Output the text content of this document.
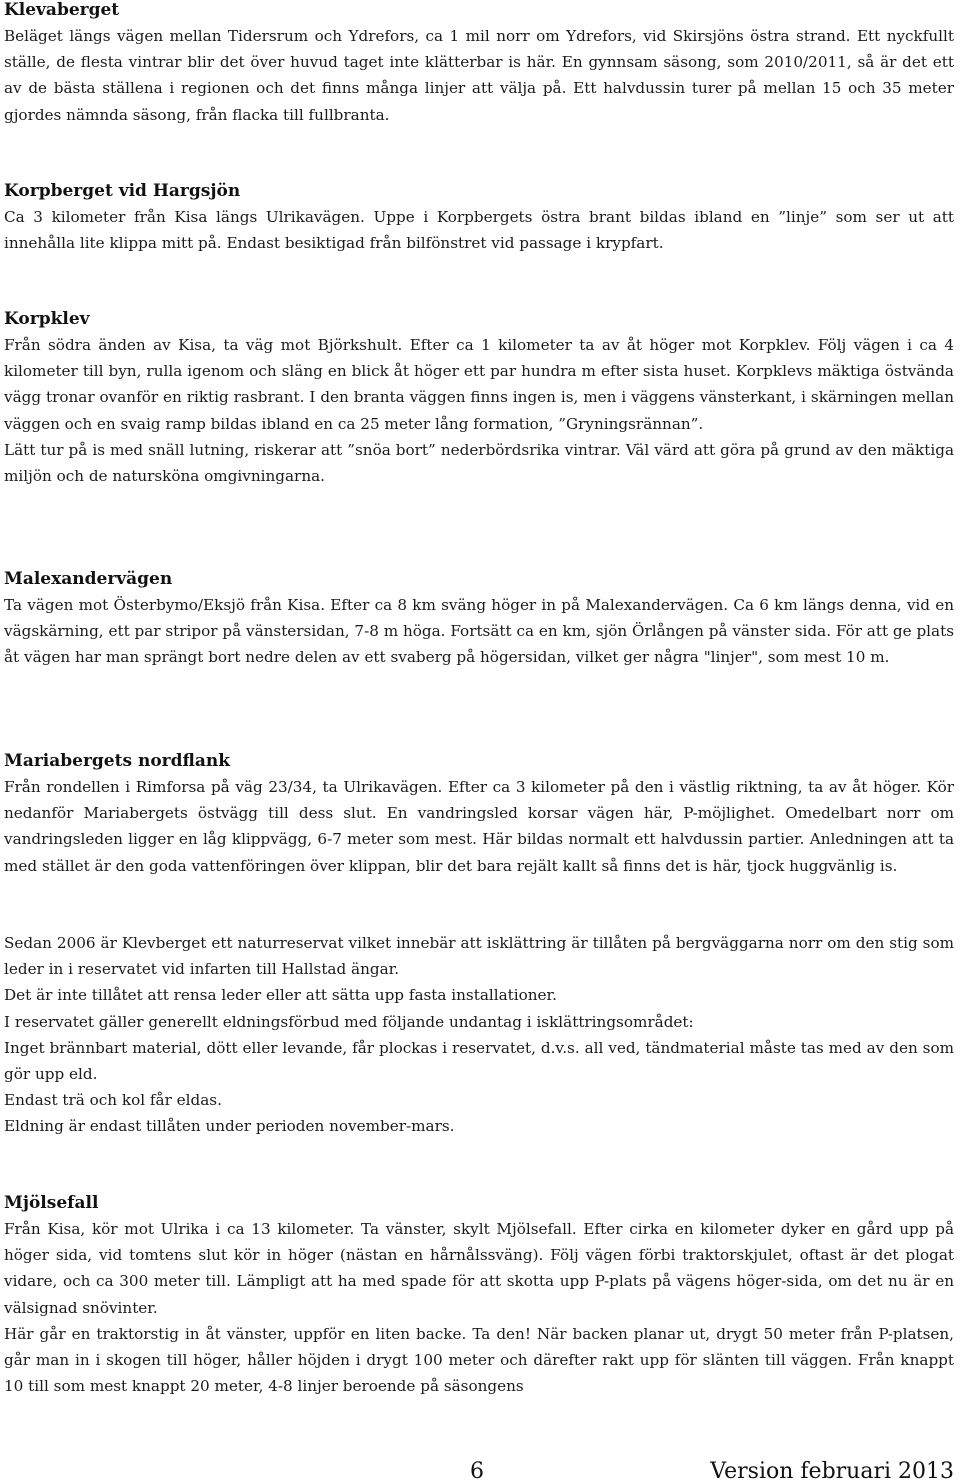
Klevaberget

Beläget längs vägen mellan Tidersrum och Ydrefors, ca 1 mil norr om Ydrefors, vid Skirsjöns östra strand. Ett nyckfullt ställe, de flesta vintrar blir det över huvud taget inte klätterbar is här. En gynnsam säsong, som 2010/2011, så är det ett av de bästa ställena i regionen och det finns många linjer att välja på. Ett halvdussin turer på mellan 15 och 35 meter gjordes nämnda säsong, från flacka till fullbranta.

Korpberget vid Hargsjön

Ca 3 kilometer från Kisa längs Ulrikavägen. Uppe i Korpbergets östra brant bildas ibland en ”linje” som ser ut att innehålla lite klippa mitt på. Endast besiktigad från bilfönstret vid passage i krypfart.

Korpklev

Från södra änden av Kisa, ta väg mot Björkshult. Efter ca 1 kilometer ta av åt höger mot Korpklev. Följ vägen i ca 4 kilometer till byn, rulla igenom och släng en blick åt höger ett par hundra m efter sista huset. Korpklevs mäktiga östvända vägg tronar ovanför en riktig rasbrant. I den branta väggen finns ingen is, men i väggens vänsterkant, i skärningen mellan väggen och en svaig ramp bildas ibland en ca 25 meter lång formation, ”Gryningsrännan”.

Lätt tur på is med snäll lutning, riskerar att ”snöa bort” nederbördsrika vintrar. Väl värd att göra på grund av den mäktiga miljön och de natursköna omgivningarna.

Malexandervägen

Ta vägen mot Österbymo/Eksjö från Kisa. Efter ca 8 km sväng höger in på Malexandervägen. Ca 6 km längs denna, vid en vägskärning, ett par stripor på vänstersidan, 7-8 m höga. Fortsätt ca en km, sjön Örlången på vänster sida. För att ge plats åt vägen har man sprängt bort nedre delen av ett svaberg på högersidan, vilket ger några "linjer", som mest 10 m.

Mariabergets nordflank

Från rondellen i Rimforsa på väg 23/34, ta Ulrikavägen. Efter ca 3 kilometer på den i västlig riktning, ta av åt höger. Kör nedanför Mariabergets östvägg till dess slut. En vandringsled korsar vägen här, P-möjlighet. Omedelbart norr om vandringsleden ligger en låg klippvägg, 6-7 meter som mest. Här bildas normalt ett halvdussin partier. Anledningen att ta med stället är den goda vattenföringen över klippan, blir det bara rejält kallt så finns det is här, tjock huggvänlig is.

Sedan 2006 är Klevberget ett naturreservat vilket innebär att isklättring är tillåten på bergväggarna norr om den stig som leder in i reservatet vid infarten till Hallstad ängar.

Det är inte tillåtet att rensa leder eller att sätta upp fasta installationer.

I reservatet gäller generellt eldningsförbud med följande undantag i isklättringsområdet:

Inget brännbart material, dött eller levande, får plockas i reservatet, d.v.s. all ved, tändmaterial måste tas med av den som gör upp eld.

Endast trä och kol får eldas.

Eldning är endast tillåten under perioden november-mars.

Mjölsefall

Från Kisa, kör mot Ulrika i ca 13 kilometer. Ta vänster, skylt Mjölsefall. Efter cirka en kilometer dyker en gård upp på höger sida, vid tomtens slut kör in höger (nästan en hårnålssväng). Följ vägen förbi traktorskjulet, oftast är det plogat vidare, och ca 300 meter till. Lämpligt att ha med spade för att skotta upp P-plats på vägens höger-sida, om det nu är en välsignad snövinter.

Här går en traktorstig in åt vänster, uppför en liten backe. Ta den! När backen planar ut, drygt 50 meter från P-platsen, går man in i skogen till höger, håller höjden i drygt 100 meter och därefter rakt upp för slänten till väggen. Från knappt 10 till som mest knappt 20 meter, 4-8 linjer beroende på säsongens

6	Version februari 2013
